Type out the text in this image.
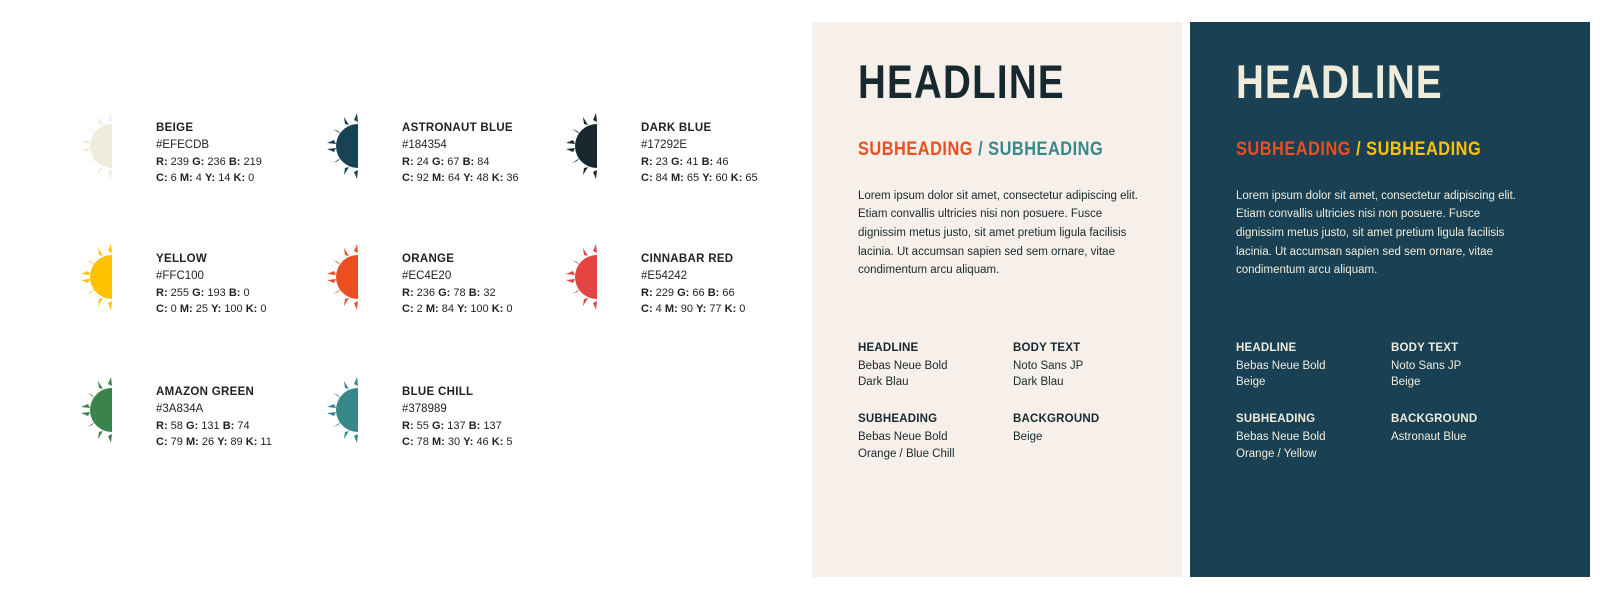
BEIGE
#EFECDB
R: 239 G: 236 B: 219
C: 6 M: 4 Y: 14 K: 0
ASTRONAUT BLUE
#184354
R: 24 G: 67 B: 84
C: 92 M: 64 Y: 48 K: 36
DARK BLUE
#17292E
R: 23 G: 41 B: 46
C: 84 M: 65 Y: 60 K: 65
YELLOW
#FFC100
R: 255 G: 193 B: 0
C: 0 M: 25 Y: 100 K: 0
ORANGE
#EC4E20
R: 236 G: 78 B: 32
C: 2 M: 84 Y: 100 K: 0
CINNABAR RED
#E54242
R: 229 G: 66 B: 66
C: 4 M: 90 Y: 77 K: 0
AMAZON GREEN
#3A834A
R: 58 G: 131 B: 74
C: 79 M: 26 Y: 89 K: 11
BLUE CHILL
#378989
R: 55 G: 137 B: 137
C: 78 M: 30 Y: 46 K: 5
HEADLINE
SUBHEADING / SUBHEADING
Lorem ipsum dolor sit amet, consectetur adipiscing elit. Etiam convallis ultricies nisi non posuere. Fusce dignissim metus justo, sit amet pretium ligula facilisis lacinia. Ut accumsan sapien sed sem ornare, vitae condimentum arcu aliquam.
HEADLINE
Bebas Neue Bold
Dark Blau
BODY TEXT
Noto Sans JP
Dark Blau
SUBHEADING
Bebas Neue Bold
Orange / Blue Chill
BACKGROUND
Beige
HEADLINE
SUBHEADING / SUBHEADING
Lorem ipsum dolor sit amet, consectetur adipiscing elit. Etiam convallis ultricies nisi non posuere. Fusce dignissim metus justo, sit amet pretium ligula facilisis lacinia. Ut accumsan sapien sed sem ornare, vitae condimentum arcu aliquam.
HEADLINE
Bebas Neue Bold
Beige
BODY TEXT
Noto Sans JP
Beige
SUBHEADING
Bebas Neue Bold
Orange / Yellow
BACKGROUND
Astronaut Blue
